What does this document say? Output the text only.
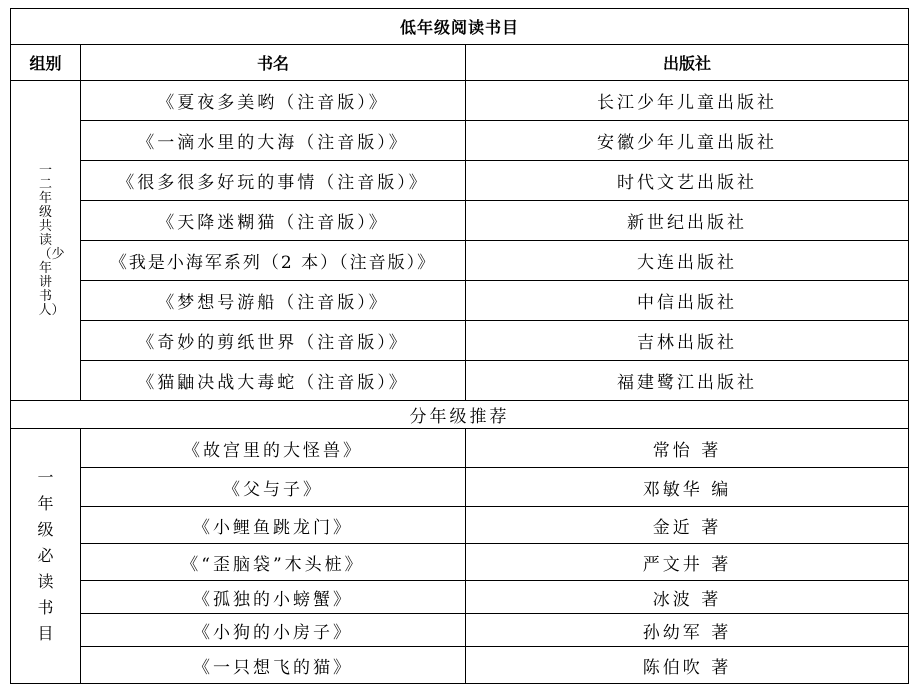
低年级阅读书目		
组别	书名	出版社

一二年级共读（少年讲书人）	《夏夜多美哟（注音版）》	长江少年儿童出版社
	《一滴水里的大海（注音版）》	安徽少年儿童出版社
	《很多很多好玩的事情（注音版）》	时代文艺出版社
	《天降迷糊猫（注音版）》	新世纪出版社
	《我是小海军系列（2 本）（注音版）》	大连出版社
	《梦想号游船（注音版）》	中信出版社
	《奇妙的剪纸世界（注音版）》	吉林出版社
	《猫鼬决战大毒蛇（注音版）》	福建鹭江出版社
分年级推荐		

一年级必读书目	《故宫里的大怪兽》	常怡 著
	《父与子》	邓敏华 编
	《小鲤鱼跳龙门》	金近 著
	《“歪脑袋”木头桩》	严文井 著
	《孤独的小螃蟹》	冰波 著
	《小狗的小房子》	孙幼军 著
	《一只想飞的猫》	陈伯吹 著
